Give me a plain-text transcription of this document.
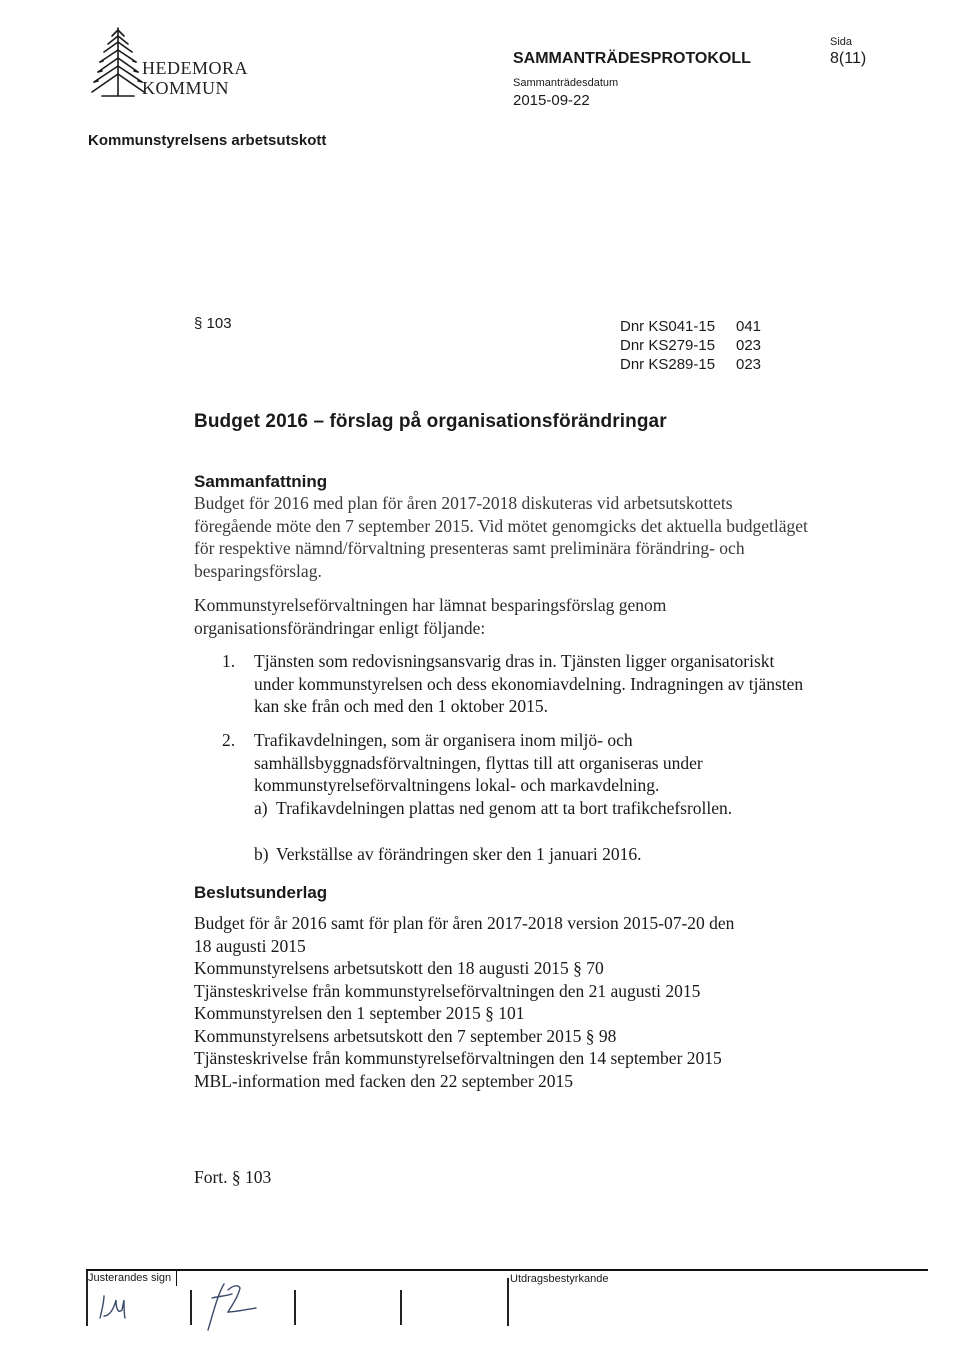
HEDEMORA
KOMMUN
SAMMANTRÄDESPROTOKOLL
Sammanträdesdatum
2015-09-22
Sida
8(11)
Kommunstyrelsens arbetsutskott
§ 103	Dnr KS041-15	041
Dnr KS279-15	023
Dnr KS289-15	023
Budget 2016 – förslag på organisationsförändringar
Sammanfattning
Budget för 2016 med plan för åren 2017-2018 diskuteras vid arbetsutskottets föregående möte den 7 september 2015. Vid mötet genomgicks det aktuella budgetläget för respektive nämnd/förvaltning presenteras samt preliminära förändring- och besparingsförslag.
Kommunstyrelseförvaltningen har lämnat besparingsförslag genom organisationsförändringar enligt följande:
1. Tjänsten som redovisningsansvarig dras in. Tjänsten ligger organisatoriskt under kommunstyrelsen och dess ekonomiavdelning. Indragningen av tjänsten kan ske från och med den 1 oktober 2015.
2. Trafikavdelningen, som är organisera inom miljö- och samhällsbyggnadsförvaltningen, flyttas till att organiseras under kommunstyrelseförvaltningens lokal- och markavdelning.
a) Trafikavdelningen plattas ned genom att ta bort trafikchefsrollen.
b) Verkställse av förändringen sker den 1 januari 2016.
Beslutsunderlag
Budget för år 2016 samt för plan för åren 2017-2018 version 2015-07-20 den
18 augusti 2015
Kommunstyrelsens arbetsutskott den 18 augusti 2015 § 70
Tjänsteskrivelse från kommunstyrelseförvaltningen den 21 augusti 2015
Kommunstyrelsen den 1 september 2015 § 101
Kommunstyrelsens arbetsutskott den 7 september 2015 § 98
Tjänsteskrivelse från kommunstyrelseförvaltningen den 14 september 2015
MBL-information med facken den 22 september 2015
Fort. § 103
Justerandes sign	Utdragsbestyrkande
